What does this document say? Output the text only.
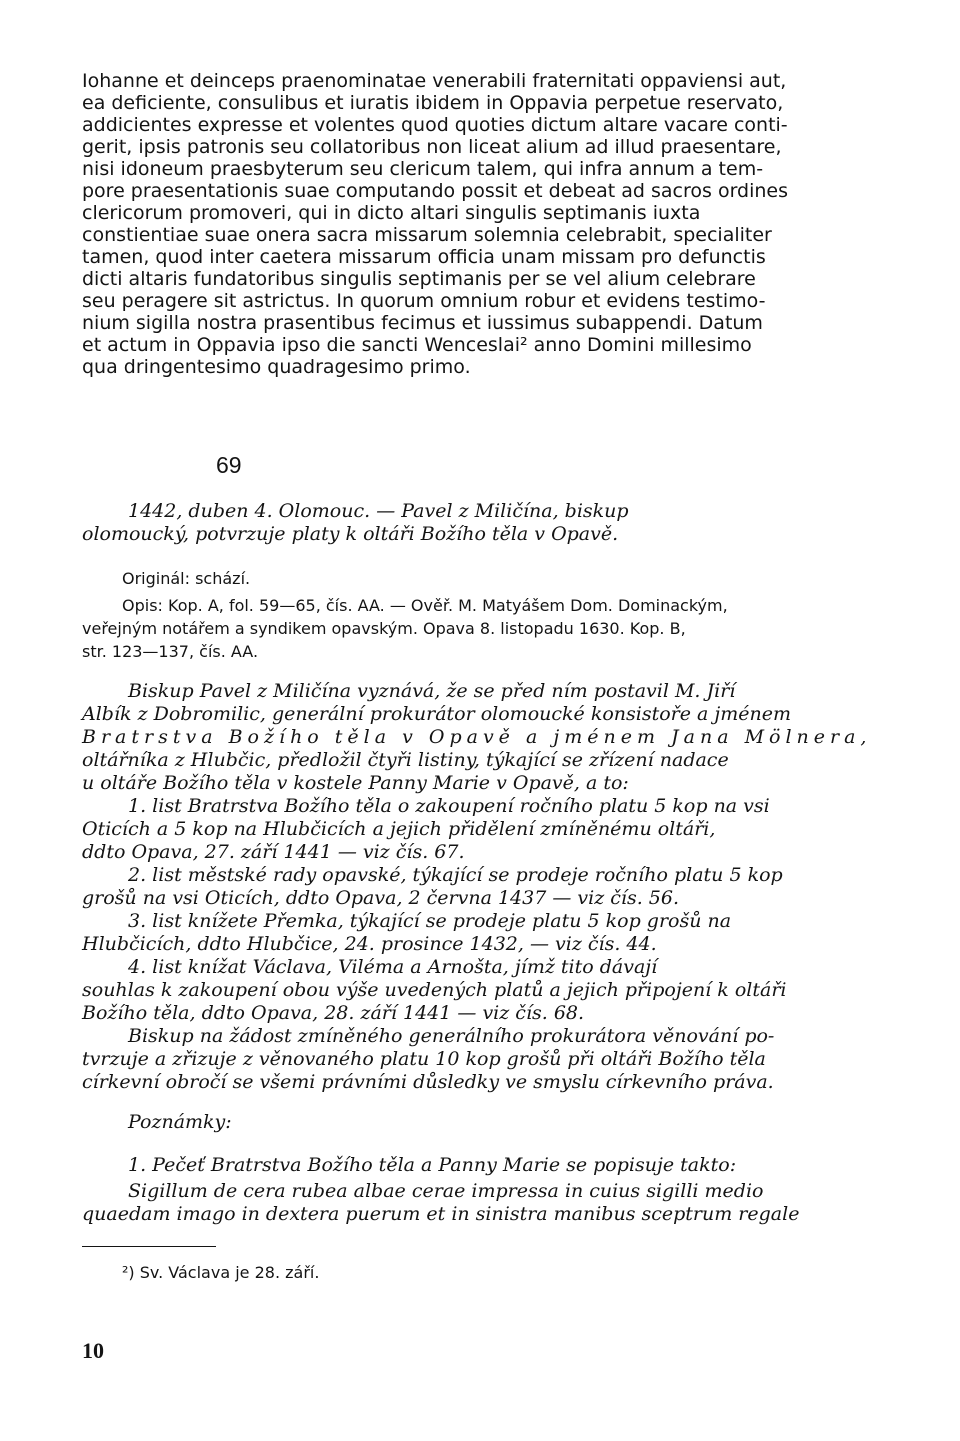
Iohanne et deinceps praenominatae venerabili fraternitati oppaviensi aut,
ea deficiente, consulibus et iuratis ibidem in Oppavia perpetue reservato,
addicientes expresse et volentes quod quoties dictum altare vacare conti-
gerit, ipsis patronis seu collatoribus non liceat alium ad illud praesentare,
nisi idoneum praesbyterum seu clericum talem, qui infra annum a tem-
pore praesentationis suae computando possit et debeat ad sacros ordines
clericorum promoveri, qui in dicto altari singulis septimanis iuxta
constientiae suae onera sacra missarum solemnia celebrabit, specialiter
tamen, quod inter caetera missarum officia unam missam pro defunctis
dicti altaris fundatoribus singulis septimanis per se vel alium celebrare
seu peragere sit astrictus. In quorum omnium robur et evidens testimo-
nium sigilla nostra prasentibus fecimus et iussimus subappendi. Datum
et actum in Oppavia ipso die sancti Wenceslai² anno Domini millesimo
qua dringentesimo quadragesimo primo.
69
1442, duben 4. Olomouc. — Pavel z Miličína, biskup
olomoucký, potvrzuje platy k oltáři Božího těla v Opavě.
Originál: schází.
Opis: Kop. A, fol. 59—65, čís. AA. — Ověř. M. Matyášem Dom. Dominackým,
veřejným notářem a syndikem opavským. Opava 8. listopadu 1630. Kop. B,
str. 123—137, čís. AA.
Biskup Pavel z Miličína vyznává, že se před ním postavil M. Jiří
Albík z Dobromilic, generální prokurátor olomoucké konsistoře a jménem
Bratrstva Božího těla v Opavě a jménem Jana Mölnera,
oltářníka z Hlubčic, předložil čtyři listiny, týkající se zřízení nadace
u oltáře Božího těla v kostele Panny Marie v Opavě, a to:
1. list Bratrstva Božího těla o zakoupení ročního platu 5 kop na vsi
Oticích a 5 kop na Hlubčicích a jejich přidělení zmíněnému oltáři,
ddto Opava, 27. září 1441 — viz čís. 67.
2. list městské rady opavské, týkající se prodeje ročního platu 5 kop
grošů na vsi Oticích, ddto Opava, 2 června 1437 — viz čís. 56.
3. list knížete Přemka, týkající se prodeje platu 5 kop grošů na
Hlubčicích, ddto Hlubčice, 24. prosince 1432, — viz čís. 44.
4. list knížat Václava, Viléma a Arnošta, jímž tito dávají
souhlas k zakoupení obou výše uvedených platů a jejich připojení k oltáři
Božího těla, ddto Opava, 28. září 1441 — viz čís. 68.
Biskup na žádost zmíněného generálního prokurátora věnování po-
tvrzuje a zřizuje z věnovaného platu 10 kop grošů při oltáři Božího těla
církevní obročí se všemi právními důsledky ve smyslu církevního práva.
Poznámky:
1. Pečeť Bratrstva Božího těla a Panny Marie se popisuje takto:
Sigillum de cera rubea albae cerae impressa in cuius sigilli medio
quaedam imago in dextera puerum et in sinistra manibus sceptrum regale
²) Sv. Václava je 28. září.
10
